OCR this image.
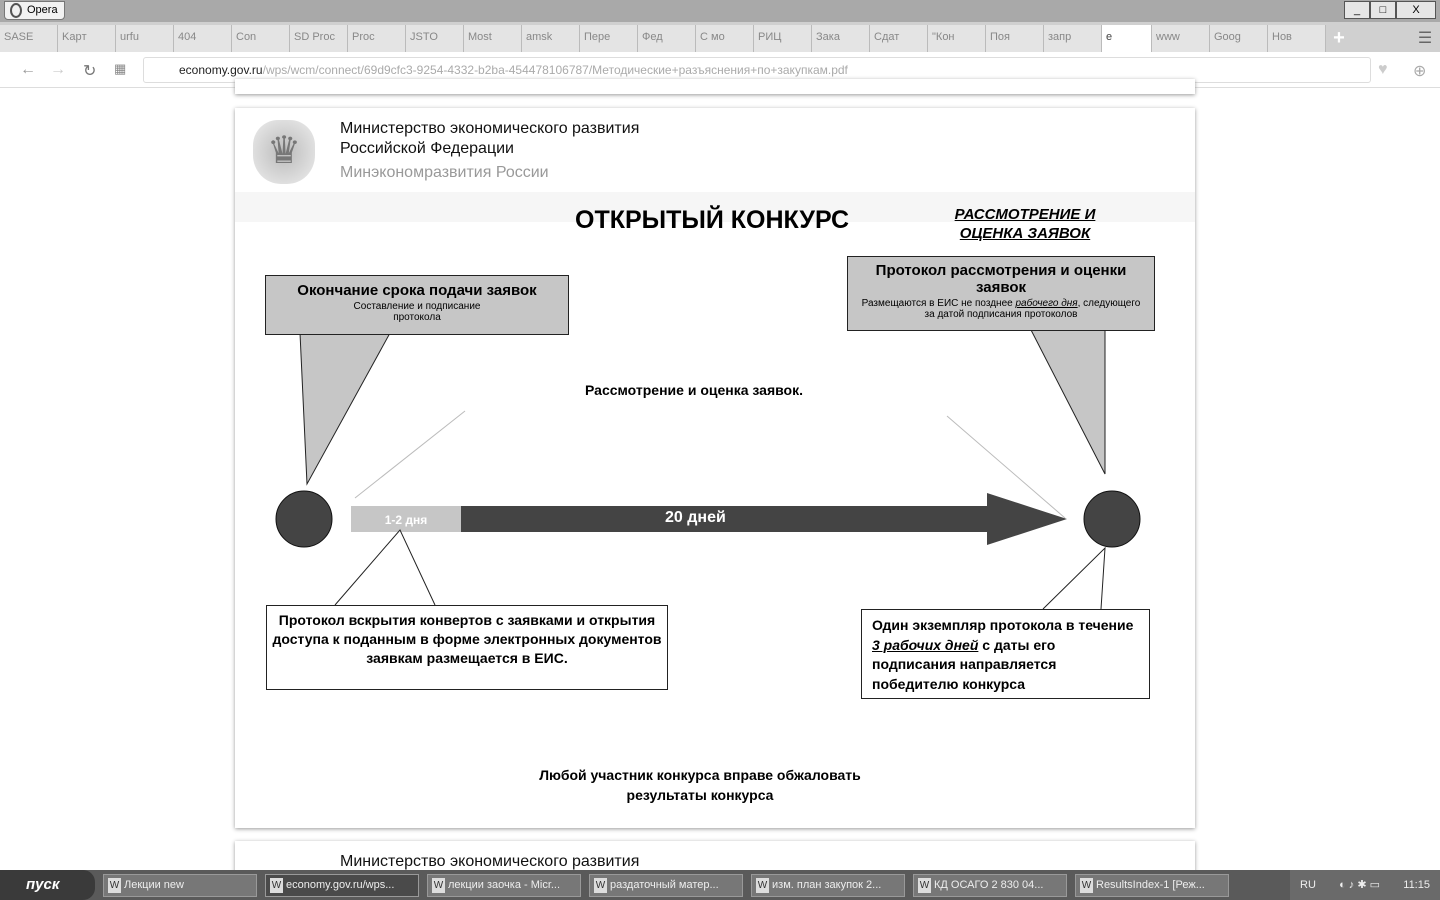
Opera	_	□	X
SASE	Kapт	urfu	404	Con	SD Proc	Proc	JSTO	Most	amsk	Пере	Фед	С мо	РИЦ	Зака	Сдат	"Кон	Поя	запр	e	www	Goog	Нов	+	☰
← → ↻ ▦	economy.gov.ru/wps/wcm/connect/69d9cfc3-9254-4332-b2ba-454478106787/Методические+разъяснения+по+закупкам.pdf	♥ ⊕
♛
Министерство экономического развития
Российской Федерации
Минэкономразвития России
ОТКРЫТЫЙ КОНКУРС	РАССМОТРЕНИЕ И
ОЦЕНКА ЗАЯВОК
Окончание срока подачи заявок
Составление и подписание протокола
Протокол рассмотрения и оценки заявок
Размещаются в ЕИС не позднее рабочего дня, следующего за датой подписания протоколов
Рассмотрение и оценка заявок.
1-2 дня	20 дней
Протокол вскрытия конвертов с заявками и открытия доступа к поданным в форме электронных документов заявкам размещается в ЕИС.
Один экземпляр протокола в течение 3 рабочих дней с даты его подписания направляется победителю конкурса
Любой участник конкурса вправе обжаловать результаты конкурса
Министерство экономического развития
пуск	W Лекции new	W economy.gov.ru/wps...	W лекции заочка - Micr...	W раздаточный матер...	W изм. план закупок 2...	W КД ОСАГО 2 830 04...	W ResultsIndex-1 [Реж...	RU ◐ ♪ ✱ ▭ 11:15
